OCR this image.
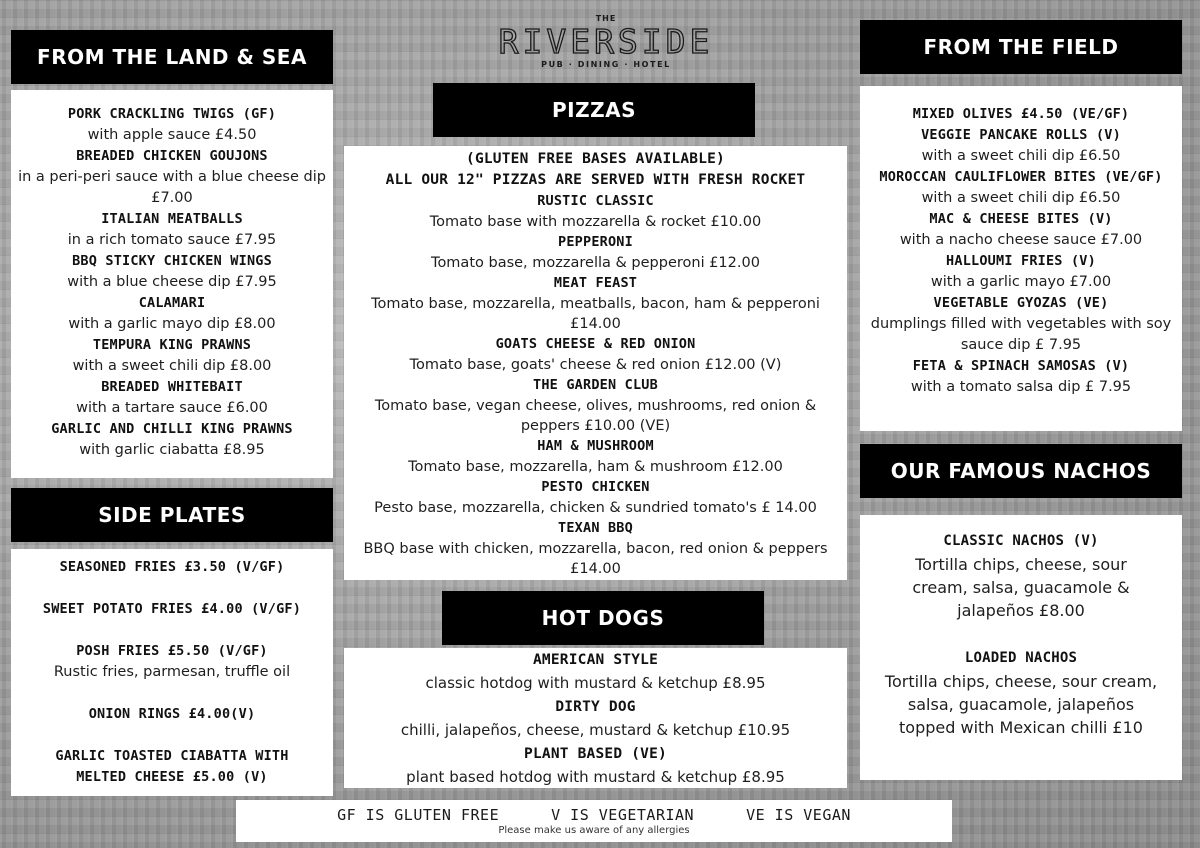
THE
RIVERSIDE
PUB · DINING · HOTEL
FROM THE LAND & SEA
PORK CRACKLING TWIGS (GF)
with apple sauce £4.50
BREADED CHICKEN GOUJONS
in a peri-peri sauce with a blue cheese dip £7.00
ITALIAN MEATBALLS
in a rich tomato sauce £7.95
BBQ STICKY CHICKEN WINGS
with a blue cheese dip £7.95
CALAMARI
with a garlic mayo dip £8.00
TEMPURA KING PRAWNS
with a sweet chili dip £8.00
BREADED WHITEBAIT
with a tartare sauce £6.00
GARLIC AND CHILLI KING PRAWNS
with garlic ciabatta £8.95
SIDE PLATES
SEASONED FRIES £3.50 (V/GF)
SWEET POTATO FRIES £4.00 (V/GF)
POSH FRIES £5.50 (V/GF)
Rustic fries, parmesan, truffle oil
ONION RINGS £4.00(V)
GARLIC TOASTED CIABATTA WITH MELTED CHEESE £5.00 (V)
PIZZAS
(GLUTEN FREE BASES AVAILABLE)
ALL OUR 12" PIZZAS ARE SERVED WITH FRESH ROCKET
RUSTIC CLASSIC
Tomato base with mozzarella & rocket £10.00
PEPPERONI
Tomato base, mozzarella & pepperoni £12.00
MEAT FEAST
Tomato base, mozzarella, meatballs, bacon, ham & pepperoni £14.00
GOATS CHEESE & RED ONION
Tomato base, goats' cheese & red onion £12.00 (V)
THE GARDEN CLUB
Tomato base, vegan cheese, olives, mushrooms, red onion & peppers £10.00 (VE)
HAM & MUSHROOM
Tomato base, mozzarella, ham & mushroom £12.00
PESTO CHICKEN
Pesto base, mozzarella, chicken & sundried tomato's £ 14.00
TEXAN BBQ
BBQ base with chicken, mozzarella, bacon, red onion & peppers £14.00
HOT DOGS
AMERICAN STYLE
classic hotdog with mustard & ketchup £8.95
DIRTY DOG
chilli, jalapeños, cheese, mustard & ketchup £10.95
PLANT BASED (VE)
plant based hotdog with mustard & ketchup £8.95
FROM THE FIELD
MIXED OLIVES £4.50 (VE/GF)
VEGGIE PANCAKE ROLLS (V)
with a sweet chili dip £6.50
MOROCCAN CAULIFLOWER BITES (VE/GF)
with a sweet chili dip £6.50
MAC & CHEESE BITES (V)
with a nacho cheese sauce £7.00
HALLOUMI FRIES (V)
with a garlic mayo £7.00
VEGETABLE GYOZAS (VE)
dumplings filled with vegetables with soy sauce dip £ 7.95
FETA & SPINACH SAMOSAS (V)
with a tomato salsa dip £ 7.95
OUR FAMOUS NACHOS
CLASSIC NACHOS (V)
Tortilla chips, cheese, sour cream, salsa, guacamole & jalapeños £8.00
LOADED NACHOS
Tortilla chips, cheese, sour cream, salsa, guacamole, jalapeños topped with Mexican chilli £10
GF IS GLUTEN FREE	V IS VEGETARIAN	VE IS VEGAN
Please make us aware of any allergies
